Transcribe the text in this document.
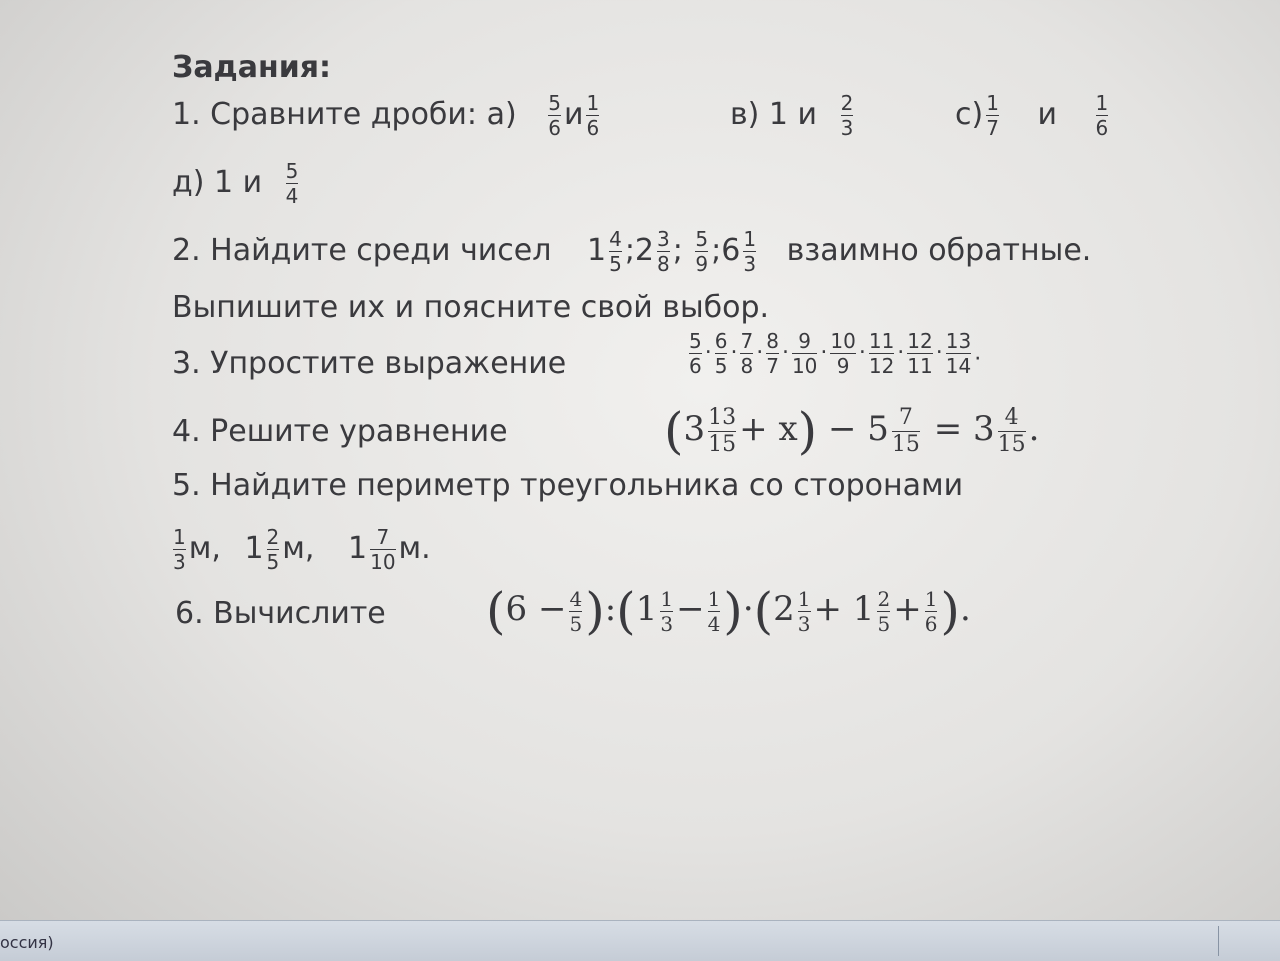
Задания:
1. Сравните дроби: $а) \frac{5}{6}$ и $\frac{1}{6}$	в) 1 и $\frac{2}{3}$	$с) \frac{1}{7}$ и $\frac{1}{6}$
д) 1 и $\frac{5}{4}$
2. Найдите среди чисел $1 \frac{4}{5}$ ;2 $\frac{3}{8}$ ; $\frac{5}{9}$ ;6 $\frac{1}{3}$ взаимно обратные.
Выпишите их и поясните свой выбор.
3. Упростите выражение	$\frac{5}{6} \cdot \frac{6}{5} \cdot \frac{7}{8} \cdot \frac{8}{7} \cdot \frac{9}{10} \cdot \frac{10}{9} \cdot \frac{11}{12} \cdot \frac{12}{11} \cdot \frac{13}{14}$ .
4. Решите уравнение	$(3 \frac{13}{15} + x) - 5 \frac{7}{15} = 3 \frac{4}{15}$ .
5. Найдите периметр треугольника со сторонами
$\frac{1}{3} м$, $1 \frac{2}{5} м$, $1 \frac{7}{10} м$.
6. Вычислите ($6 - \frac{4}{5}$ ):(1 $\frac{1}{3} - \frac{1}{4} )\cdot(2 \frac{1}{3} + 1 \frac{2}{5} + \frac{1}{6}$ ).
оссия)
